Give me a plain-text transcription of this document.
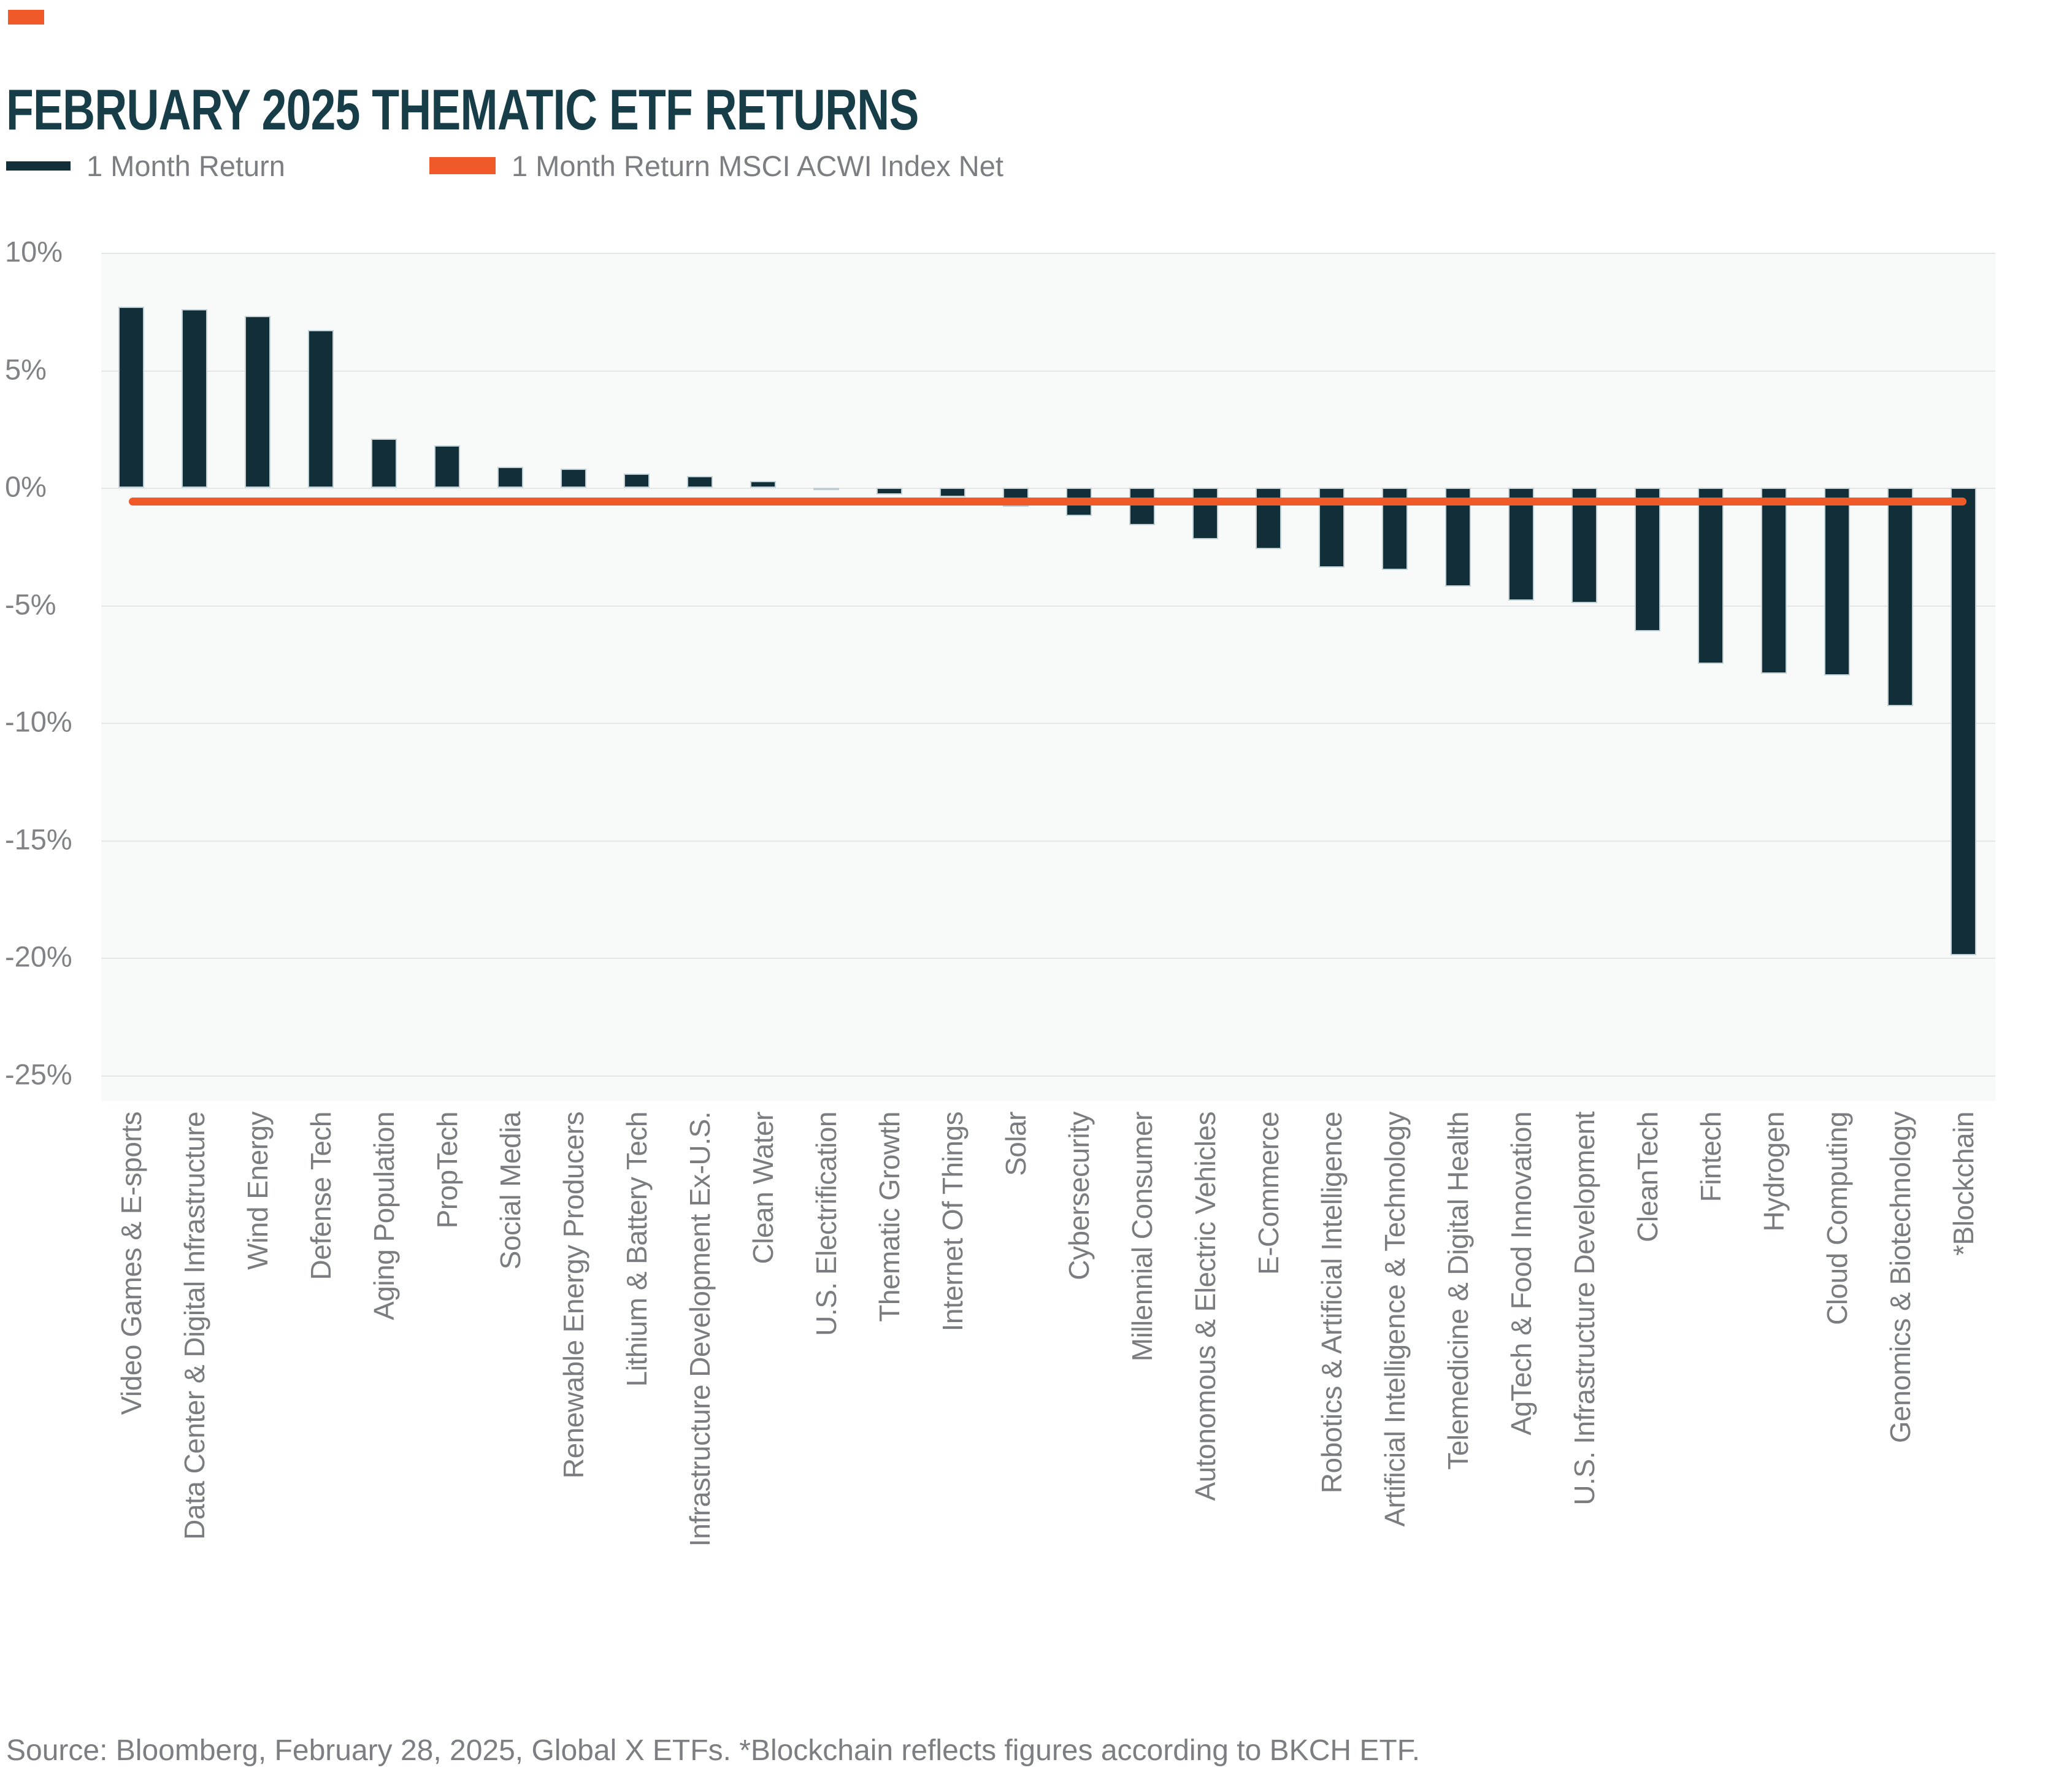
FEBRUARY 2025 THEMATIC ETF RETURNS
1 Month Return	1 Month Return MSCI ACWI Index Net
10%
5%
0%
-5%
-10%
-15%
-20%
-25%
Video Games & E-sports Data Center & Digital Infrastructure Wind Energy Defense Tech Aging Population PropTech Social Media Renewable Energy Producers Lithium & Battery Tech Infrastructure Development Ex-U.S. Clean Water U.S. Electrification Thematic Growth Internet Of Things Solar Cybersecurity Millennial Consumer Autonomous & Electric Vehicles E-Commerce Robotics & Artificial Intelligence Artificial Intelligence & Technology Telemedicine & Digital Health AgTech & Food Innovation U.S. Infrastructure Development CleanTech Fintech Hydrogen Cloud Computing Genomics & Biotechnology *Blockchain
Source: Bloomberg, February 28, 2025, Global X ETFs. *Blockchain reflects figures according to BKCH ETF.
